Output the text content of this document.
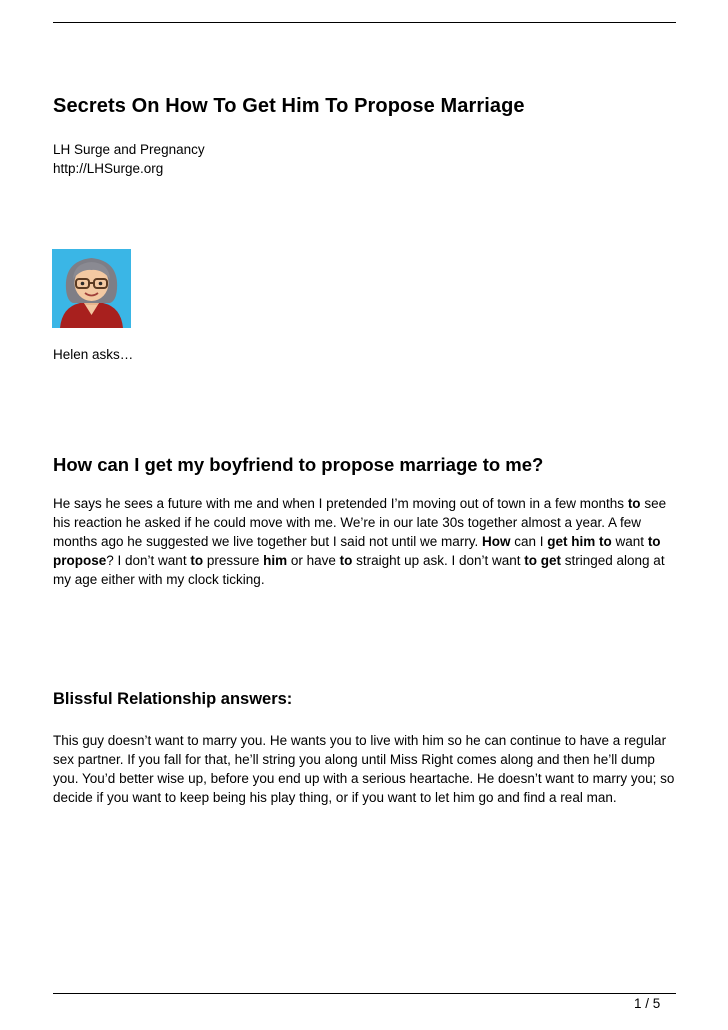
Secrets On How To Get Him To Propose Marriage
LH Surge and Pregnancy
http://LHSurge.org
Helen asks…
How can I get my boyfriend to propose marriage to me?

He says he sees a future with me and when I pretended I’m moving out of town in a few months to see his reaction he asked if he could move with me. We’re in our late 30s together almost a year. A few months ago he suggested we live together but I said not until we marry. How can I get him to want to propose? I don’t want to pressure him or have to straight up ask. I don’t want to get stringed along at my age either with my clock ticking.

Blissful Relationship answers:

This guy doesn’t want to marry you. He wants you to live with him so he can continue to have a regular sex partner. If you fall for that, he’ll string you along until Miss Right comes along and then he’ll dump you. You’d better wise up, before you end up with a serious heartache. He doesn’t want to marry you; so decide if you want to keep being his play thing, or if you want to let him go and find a real man.

1 / 5
